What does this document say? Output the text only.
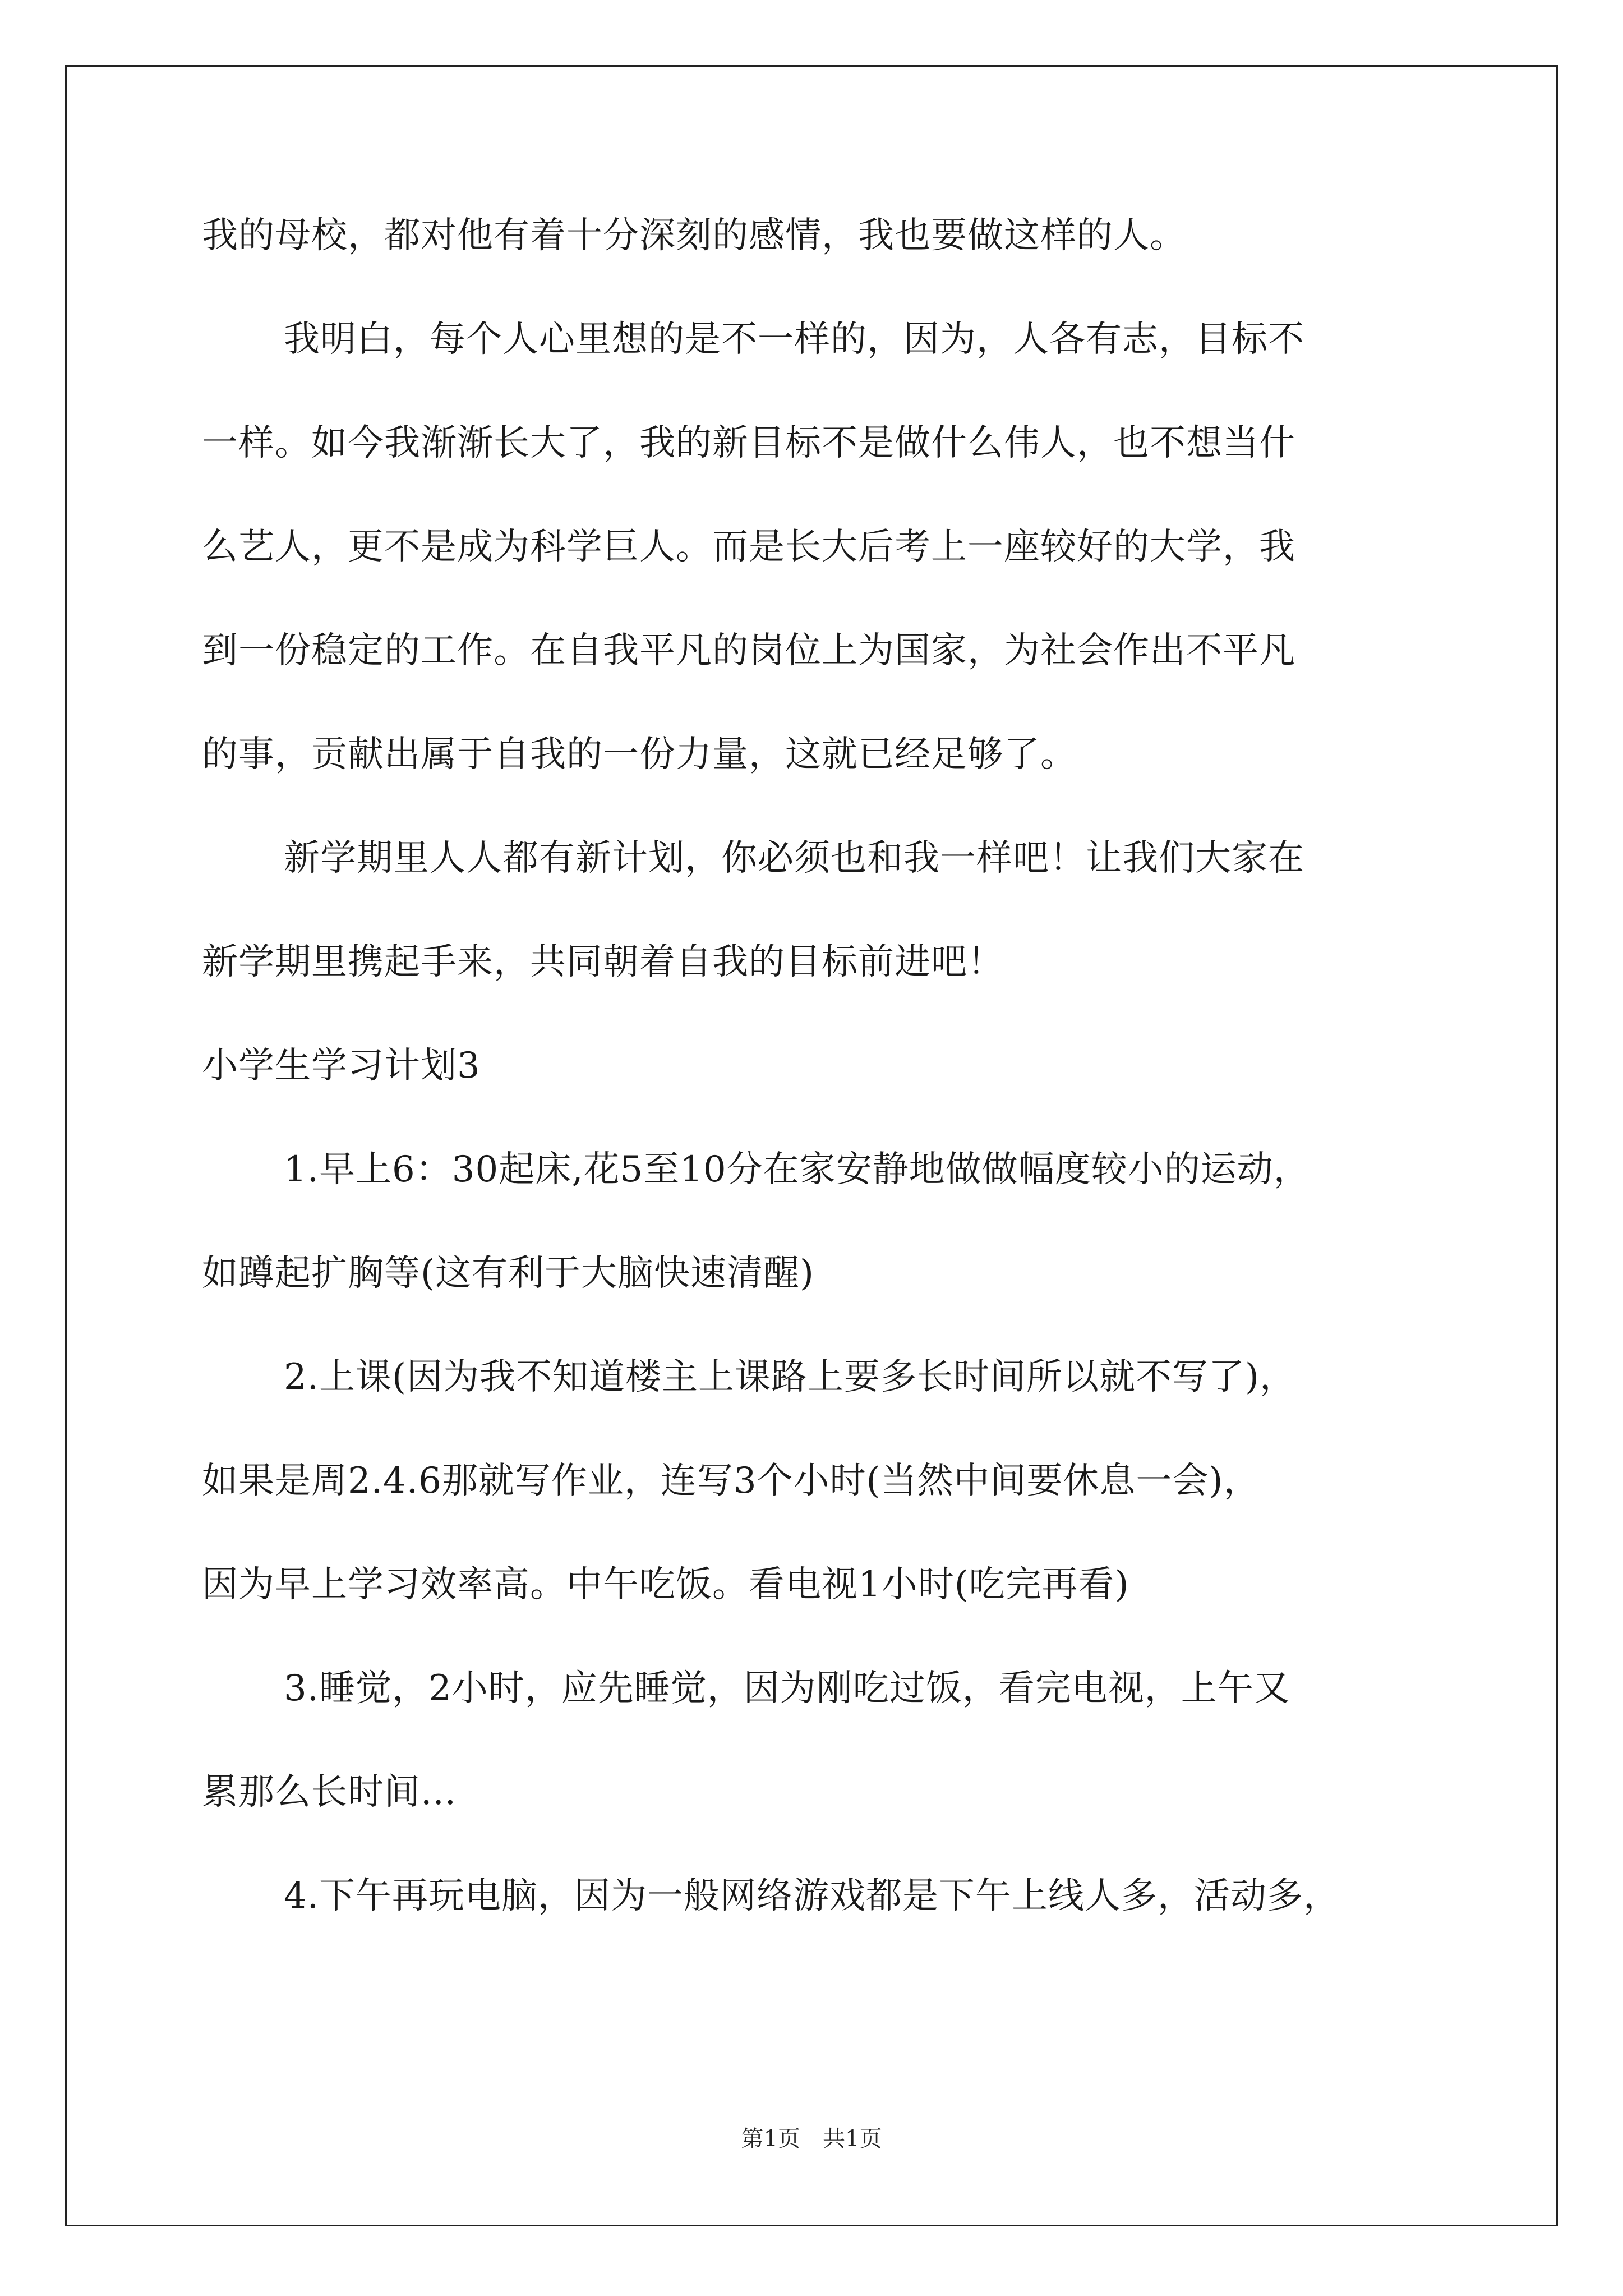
我的母校，都对他有着十分深刻的感情，我也要做这样的人。
我明白，每个人心里想的是不一样的，因为，人各有志，目标不
一样。如今我渐渐长大了，我的新目标不是做什么伟人，也不想当什
么艺人，更不是成为科学巨人。而是长大后考上一座较好的大学，我
到一份稳定的工作。在自我平凡的岗位上为国家，为社会作出不平凡
的事，贡献出属于自我的一份力量，这就已经足够了。
新学期里人人都有新计划，你必须也和我一样吧！让我们大家在
新学期里携起手来，共同朝着自我的目标前进吧！
小学生学习计划3
1.早上6：30起床,花5至10分在家安静地做做幅度较小的运动，
如蹲起扩胸等(这有利于大脑快速清醒)
2.上课(因为我不知道楼主上课路上要多长时间所以就不写了)，
如果是周2.4.6那就写作业，连写3个小时(当然中间要休息一会)，
因为早上学习效率高。中午吃饭。看电视1小时(吃完再看)
3.睡觉，2小时，应先睡觉，因为刚吃过饭，看完电视，上午又
累那么长时间...
4.下午再玩电脑，因为一般网络游戏都是下午上线人多，活动多，
第1页　共1页
